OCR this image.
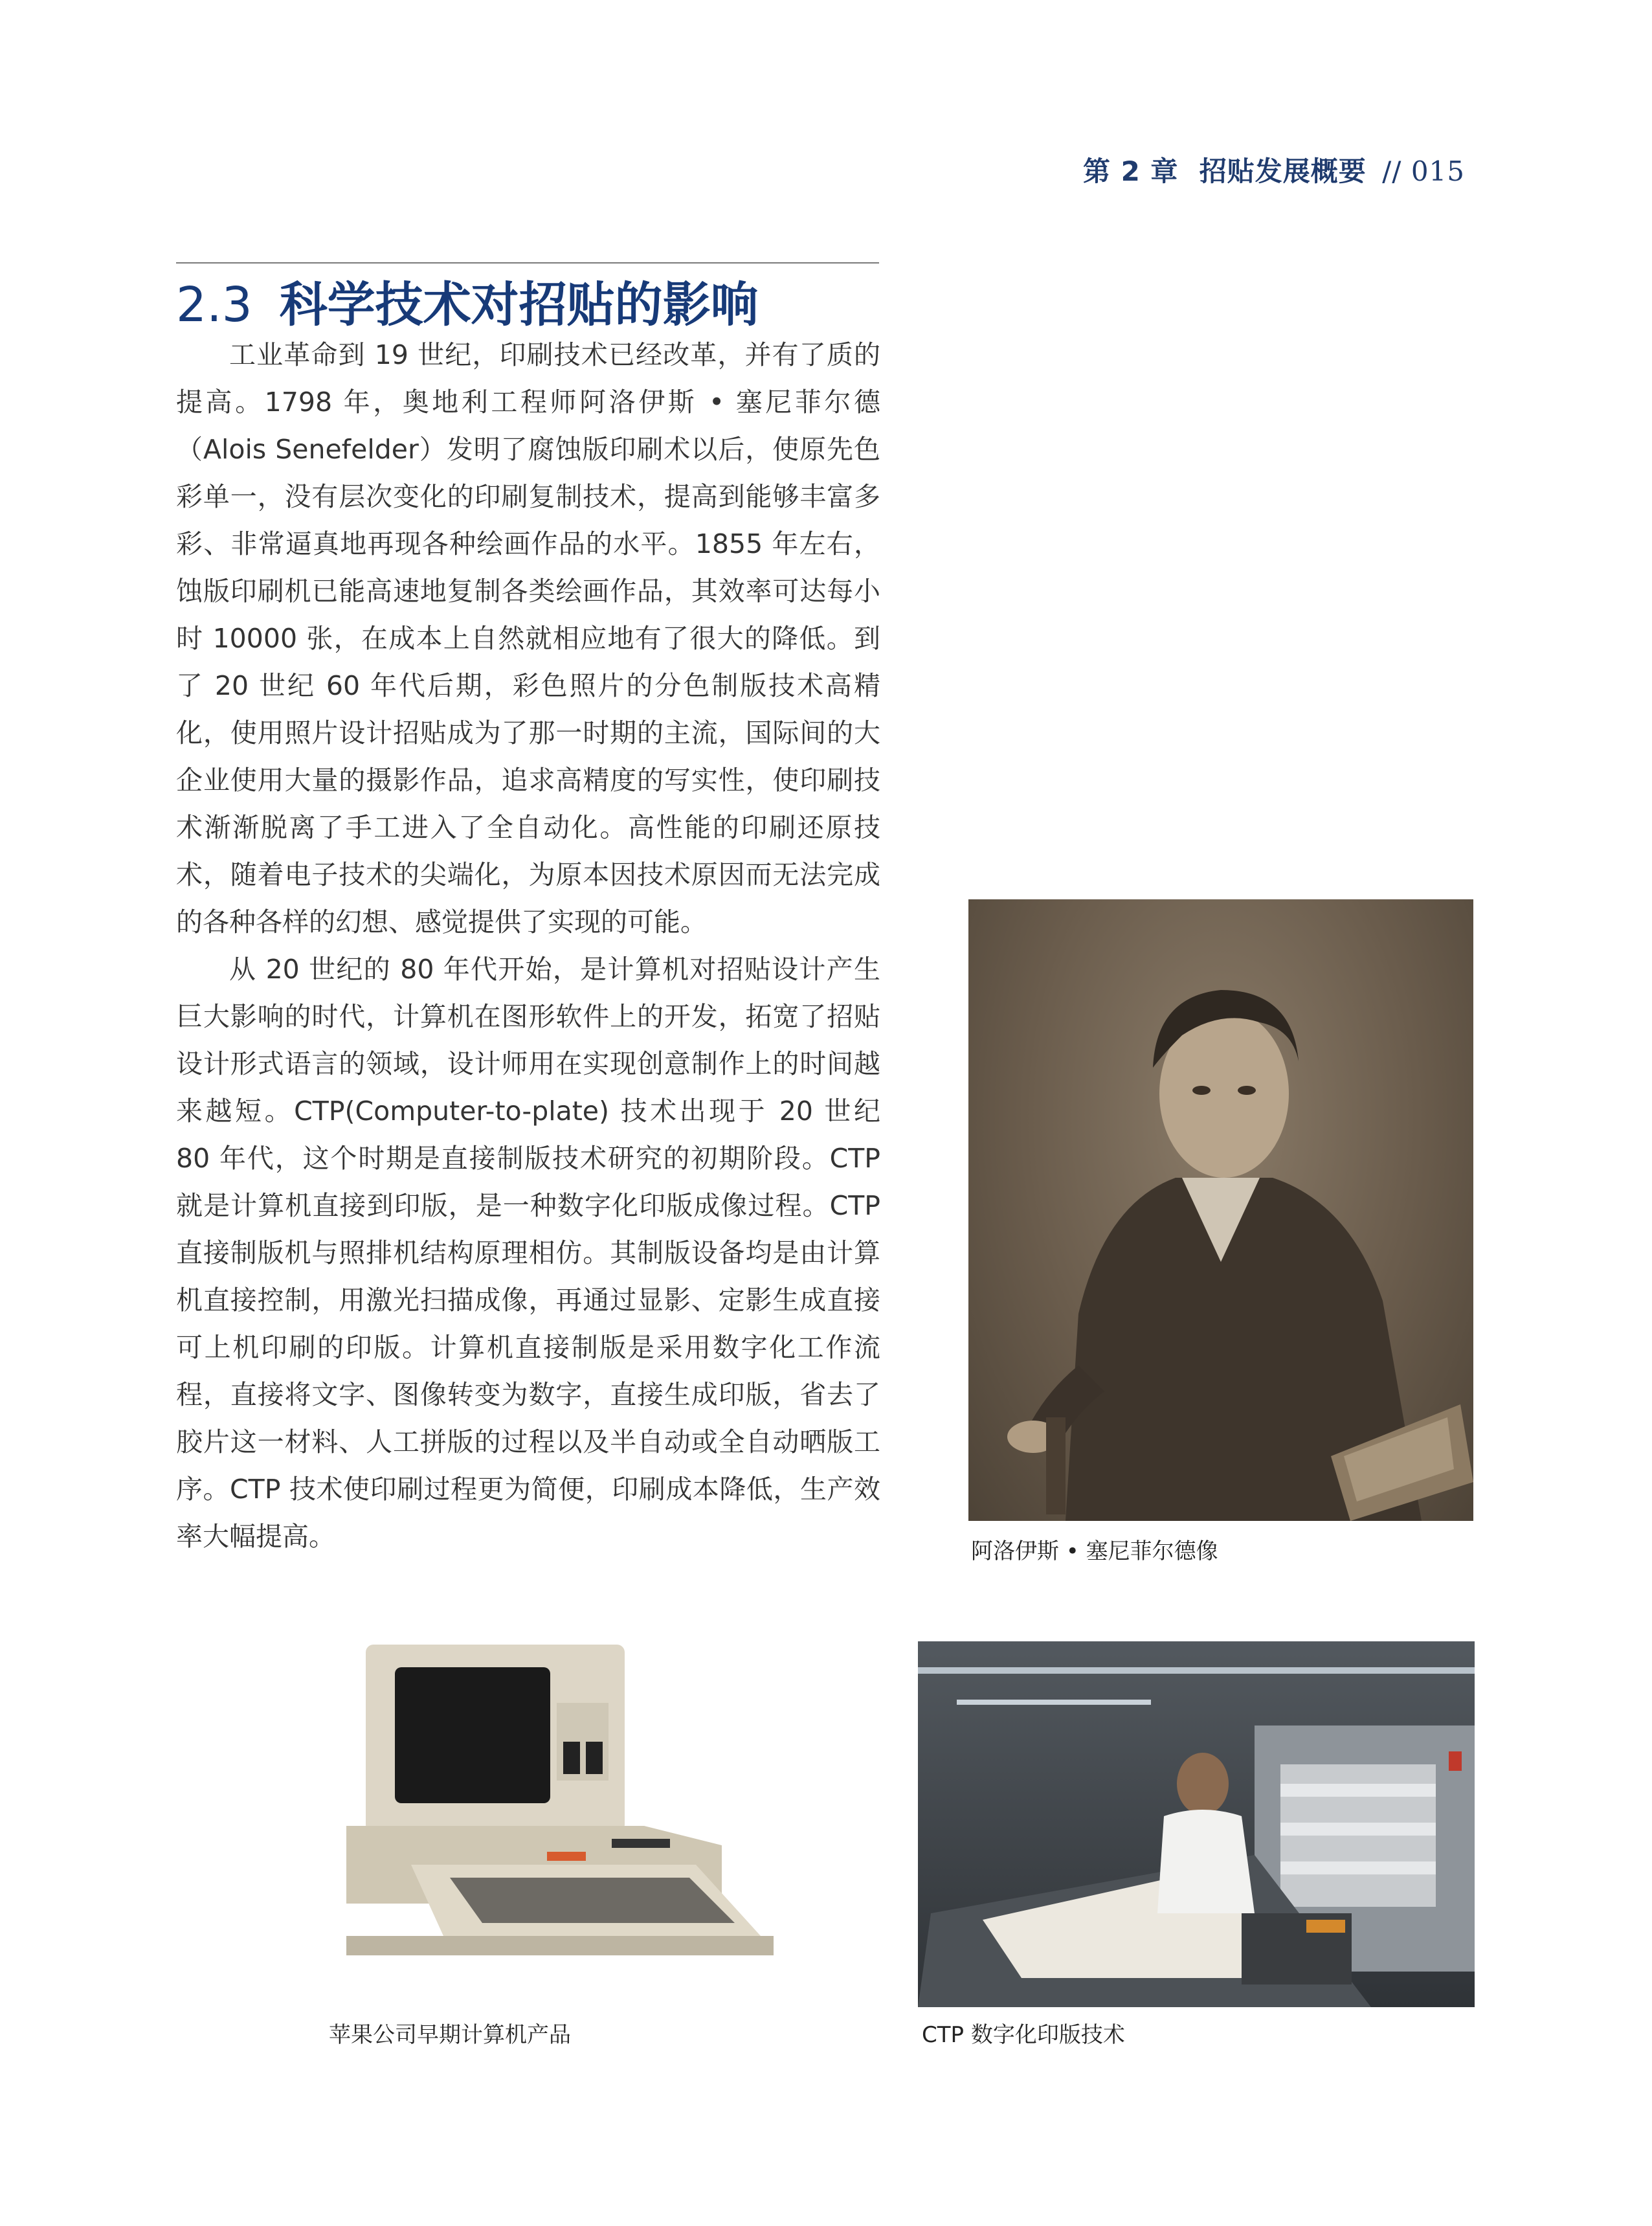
第 2 章 招贴发展概要 // 015
2.3 科学技术对招贴的影响

工业革命到 19 世纪，印刷技术已经改革，并有了质的提高。1798 年，奥地利工程师阿洛伊斯 • 塞尼菲尔德（Alois Senefelder）发明了腐蚀版印刷术以后，使原先色彩单一，没有层次变化的印刷复制技术，提高到能够丰富多彩、非常逼真地再现各种绘画作品的水平。1855 年左右，蚀版印刷机已能高速地复制各类绘画作品，其效率可达每小时 10000 张，在成本上自然就相应地有了很大的降低。到了 20 世纪 60 年代后期，彩色照片的分色制版技术高精化，使用照片设计招贴成为了那一时期的主流，国际间的大企业使用大量的摄影作品，追求高精度的写实性，使印刷技术渐渐脱离了手工进入了全自动化。高性能的印刷还原技术，随着电子技术的尖端化，为原本因技术原因而无法完成的各种各样的幻想、感觉提供了实现的可能。

从 20 世纪的 80 年代开始，是计算机对招贴设计产生巨大影响的时代，计算机在图形软件上的开发，拓宽了招贴设计形式语言的领域，设计师用在实现创意制作上的时间越来越短。CTP(Computer-to-plate) 技术出现于 20 世纪 80 年代，这个时期是直接制版技术研究的初期阶段。CTP 就是计算机直接到印版，是一种数字化印版成像过程。CTP 直接制版机与照排机结构原理相仿。其制版设备均是由计算机直接控制，用激光扫描成像，再通过显影、定影生成直接可上机印刷的印版。计算机直接制版是采用数字化工作流程，直接将文字、图像转变为数字，直接生成印版，省去了胶片这一材料、人工拼版的过程以及半自动或全自动晒版工序。CTP 技术使印刷过程更为简便，印刷成本降低，生产效率大幅提高。	阿洛伊斯 • 塞尼菲尔德像
苹果公司早期计算机产品	CTP 数字化印版技术
